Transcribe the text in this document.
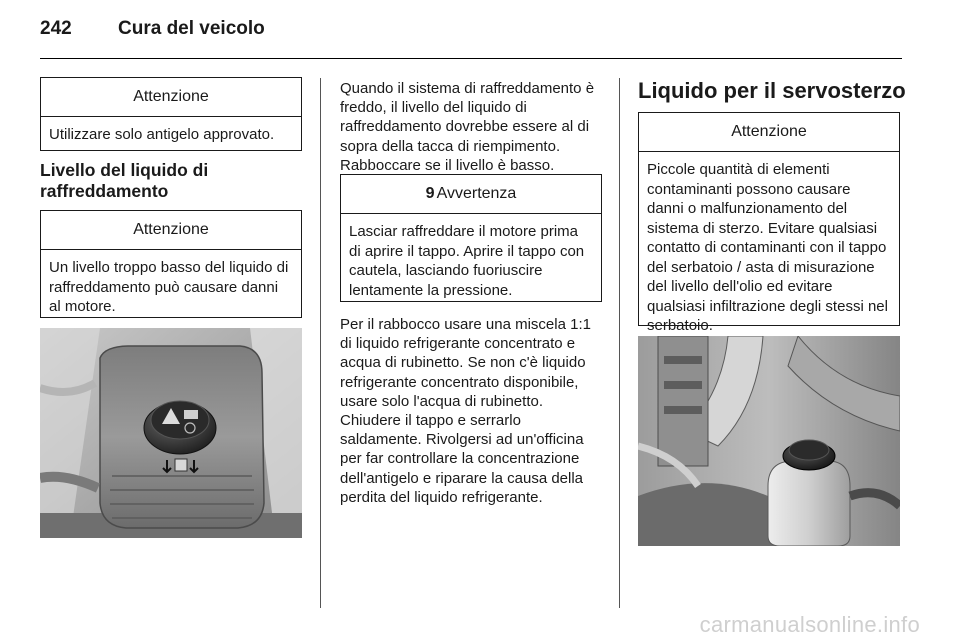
242 Cura del veicolo
Attenzione
Utilizzare solo antigelo approvato.
Livello del liquido di
raffreddamento
Attenzione
Un livello troppo basso del liquido di raffreddamento può causare danni al motore.
Quando il sistema di raffreddamento è freddo, il livello del liquido di raffreddamento dovrebbe essere al di sopra della tacca di riempimento. Rabboccare se il livello è basso.
9 Avvertenza
Lasciar raffreddare il motore prima di aprire il tappo. Aprire il tappo con cautela, lasciando fuoriuscire lentamente la pressione.
Per il rabbocco usare una miscela 1:1 di liquido refrigerante concentrato e acqua di rubinetto. Se non c'è liquido refrigerante concentrato disponibile, usare solo l'acqua di rubinetto. Chiudere il tappo e serrarlo saldamente. Rivolgersi ad un'officina per far controllare la concentrazione dell'antigelo e riparare la causa della perdita del liquido refrigerante.
Liquido per il servosterzo
Attenzione
Piccole quantità di elementi contaminanti possono causare danni o malfunzionamento del sistema di sterzo. Evitare qualsiasi contatto di contaminanti con il tappo del serbatoio / asta di misurazione del livello dell'olio ed evitare qualsiasi infiltrazione degli stessi nel serbatoio.
carmanualsonline.info
